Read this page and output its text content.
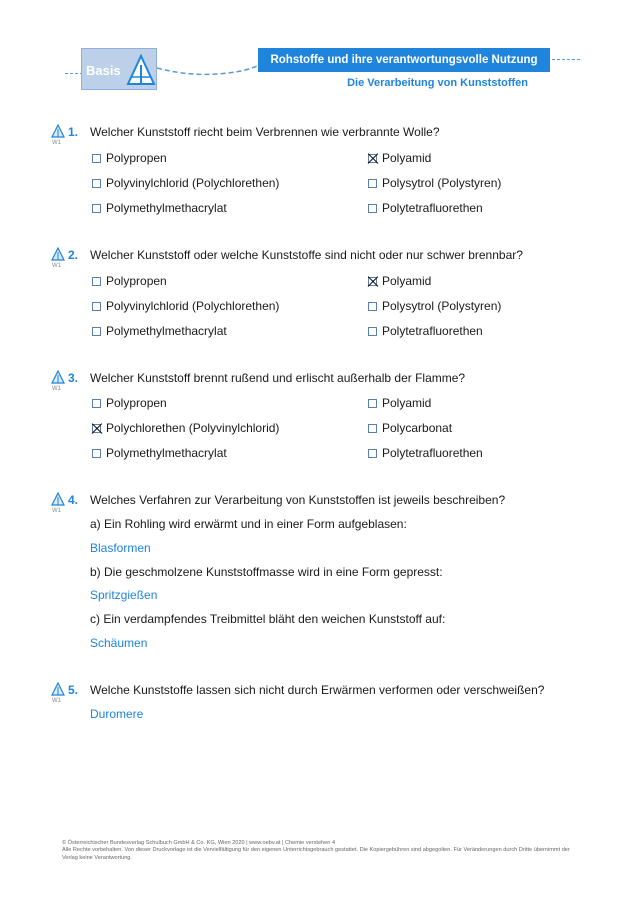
Basis
Rohstoffe und ihre verantwortungsvolle Nutzung
Die Verarbeitung von Kunststoffen
W1
1. Welcher Kunststoff riecht beim Verbrennen wie verbrannte Wolle?
Polypropen	Polyamid
Polyvinylchlorid (Polychlorethen)	Polysytrol (Polystyren)
Polymethylmethacrylat	Polytetrafluorethen
W1
2. Welcher Kunststoff oder welche Kunststoffe sind nicht oder nur schwer brennbar?
Polypropen	Polyamid
Polyvinylchlorid (Polychlorethen)	Polysytrol (Polystyren)
Polymethylmethacrylat	Polytetrafluorethen
W1
3. Welcher Kunststoff brennt rußend und erlischt außerhalb der Flamme?
Polypropen	Polyamid
Polychlorethen (Polyvinylchlorid)	Polycarbonat
Polymethylmethacrylat	Polytetrafluorethen
W1
4. Welches Verfahren zur Verarbeitung von Kunststoffen ist jeweils beschreiben?
a) Ein Rohling wird erwärmt und in einer Form aufgeblasen:
Blasformen
b) Die geschmolzene Kunststoffmasse wird in eine Form gepresst:
Spritzgießen
c) Ein verdampfendes Treibmittel bläht den weichen Kunststoff auf:
Schäumen
W1
5. Welche Kunststoffe lassen sich nicht durch Erwärmen verformen oder verschweißen?
Duromere
© Österreichischer Bundesverlag Schulbuch GmbH & Co. KG, Wien 2020 | www.oebv.at | Chemie verstehen 4
Alle Rechte vorbehalten. Von dieser Druckvorlage ist die Vervielfältigung für den eigenen Unterrichtsgebrauch gestattet. Die Kopiergebühren sind abgegolten. Für Veränderungen durch Dritte übernimmt der Verlag keine Verantwortung.
